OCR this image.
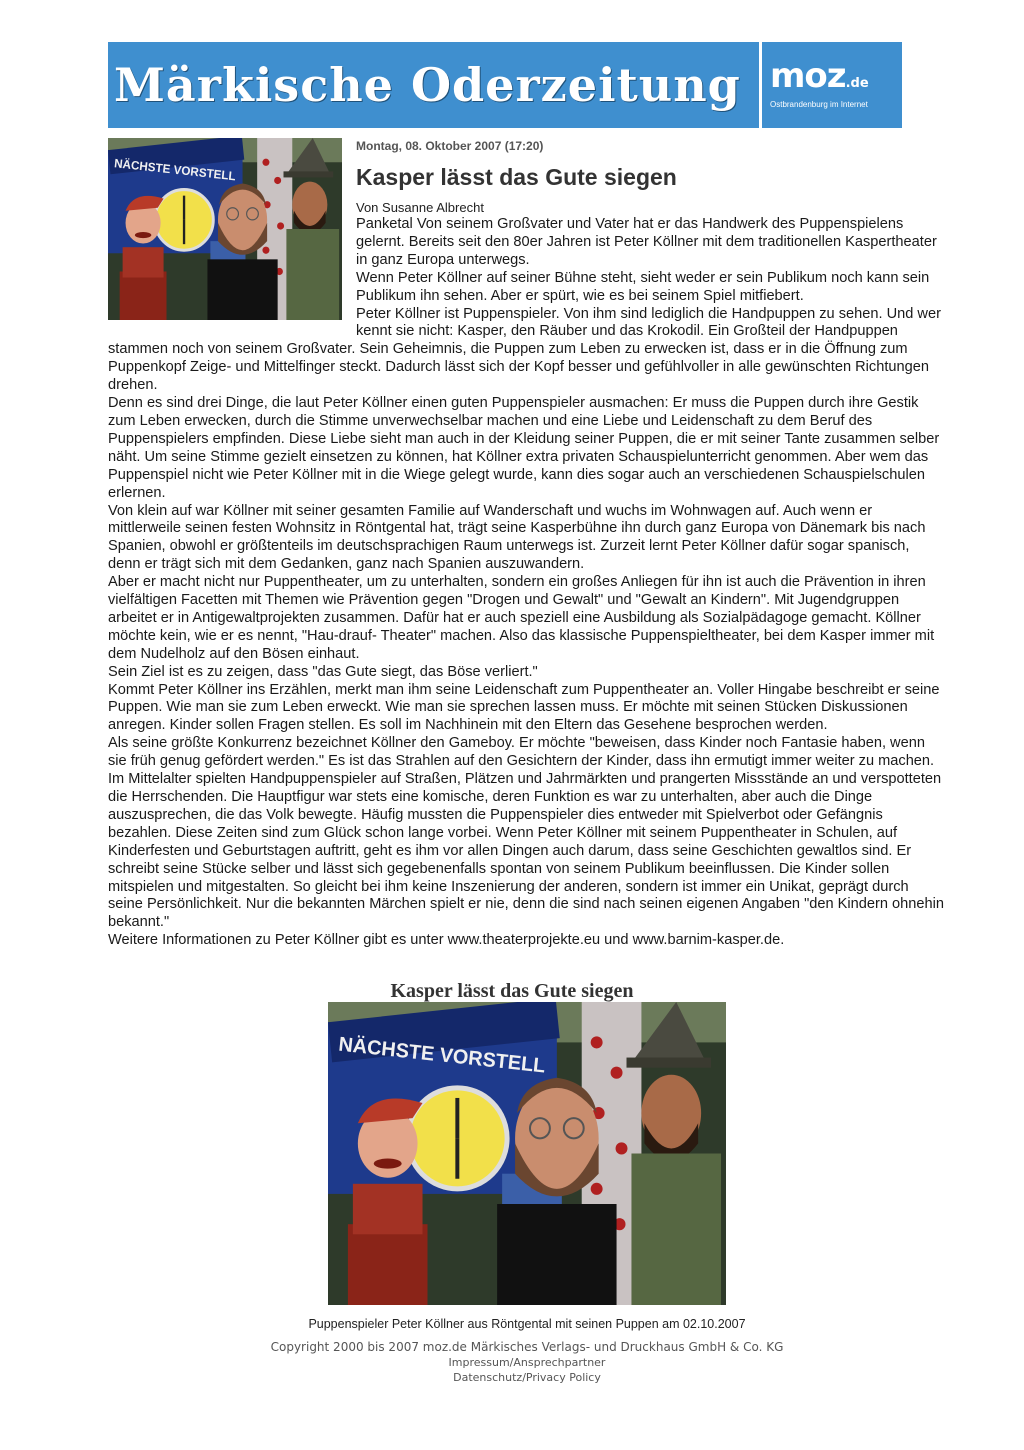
Märkische Oderzeitung moz.de
Ostbrandenburg im Internet
NÄCHSTE VORSTELL
Montag, 08. Oktober 2007 (17:20)
Kasper lässt das Gute siegen
Von Susanne Albrecht

Panketal Von seinem Großvater und Vater hat er das Handwerk des Puppenspielens gelernt. Bereits seit den 80er Jahren ist Peter Köllner mit dem traditionellen Kaspertheater in ganz Europa unterwegs.

Wenn Peter Köllner auf seiner Bühne steht, sieht weder er sein Publikum noch kann sein Publikum ihn sehen. Aber er spürt, wie es bei seinem Spiel mitfiebert.

Peter Köllner ist Puppenspieler. Von ihm sind lediglich die Handpuppen zu sehen. Und wer kennt sie nicht: Kasper, den Räuber und das Krokodil. Ein Großteil der Handpuppen stammen noch von seinem Großvater. Sein Geheimnis, die Puppen zum Leben zu erwecken ist, dass er in die Öffnung zum Puppenkopf Zeige- und Mittelfinger steckt. Dadurch lässt sich der Kopf besser und gefühlvoller in alle gewünschten Richtungen drehen.

Denn es sind drei Dinge, die laut Peter Köllner einen guten Puppenspieler ausmachen: Er muss die Puppen durch ihre Gestik zum Leben erwecken, durch die Stimme unverwechselbar machen und eine Liebe und Leidenschaft zu dem Beruf des Puppenspielers empfinden. Diese Liebe sieht man auch in der Kleidung seiner Puppen, die er mit seiner Tante zusammen selber näht. Um seine Stimme gezielt einsetzen zu können, hat Köllner extra privaten Schauspielunterricht genommen. Aber wem das Puppenspiel nicht wie Peter Köllner mit in die Wiege gelegt wurde, kann dies sogar auch an verschiedenen Schauspielschulen erlernen.

Von klein auf war Köllner mit seiner gesamten Familie auf Wanderschaft und wuchs im Wohnwagen auf. Auch wenn er mittlerweile seinen festen Wohnsitz in Röntgental hat, trägt seine Kasperbühne ihn durch ganz Europa von Dänemark bis nach Spanien, obwohl er größtenteils im deutschsprachigen Raum unterwegs ist. Zurzeit lernt Peter Köllner dafür sogar spanisch, denn er trägt sich mit dem Gedanken, ganz nach Spanien auszuwandern.

Aber er macht nicht nur Puppentheater, um zu unterhalten, sondern ein großes Anliegen für ihn ist auch die Prävention in ihren vielfältigen Facetten mit Themen wie Prävention gegen "Drogen und Gewalt" und "Gewalt an Kindern". Mit Jugendgruppen arbeitet er in Antigewaltprojekten zusammen. Dafür hat er auch speziell eine Ausbildung als Sozialpädagoge gemacht. Köllner möchte kein, wie er es nennt, "Hau-drauf- Theater" machen. Also das klassische Puppenspieltheater, bei dem Kasper immer mit dem Nudelholz auf den Bösen einhaut.

Sein Ziel ist es zu zeigen, dass "das Gute siegt, das Böse verliert."

Kommt Peter Köllner ins Erzählen, merkt man ihm seine Leidenschaft zum Puppentheater an. Voller Hingabe beschreibt er seine Puppen. Wie man sie zum Leben erweckt. Wie man sie sprechen lassen muss. Er möchte mit seinen Stücken Diskussionen anregen. Kinder sollen Fragen stellen. Es soll im Nachhinein mit den Eltern das Gesehene besprochen werden.

Als seine größte Konkurrenz bezeichnet Köllner den Gameboy. Er möchte "beweisen, dass Kinder noch Fantasie haben, wenn sie früh genug gefördert werden." Es ist das Strahlen auf den Gesichtern der Kinder, dass ihn ermutigt immer weiter zu machen.

Im Mittelalter spielten Handpuppenspieler auf Straßen, Plätzen und Jahrmärkten und prangerten Missstände an und verspotteten die Herrschenden. Die Hauptfigur war stets eine komische, deren Funktion es war zu unterhalten, aber auch die Dinge auszusprechen, die das Volk bewegte. Häufig mussten die Puppenspieler dies entweder mit Spielverbot oder Gefängnis bezahlen. Diese Zeiten sind zum Glück schon lange vorbei. Wenn Peter Köllner mit seinem Puppentheater in Schulen, auf Kinderfesten und Geburtstagen auftritt, geht es ihm vor allen Dingen auch darum, dass seine Geschichten gewaltlos sind. Er schreibt seine Stücke selber und lässt sich gegebenenfalls spontan von seinem Publikum beeinflussen. Die Kinder sollen mitspielen und mitgestalten. So gleicht bei ihm keine Inszenierung der anderen, sondern ist immer ein Unikat, geprägt durch seine Persönlichkeit. Nur die bekannten Märchen spielt er nie, denn die sind nach seinen eigenen Angaben "den Kindern ohnehin bekannt."

Weitere Informationen zu Peter Köllner gibt es unter www.theaterprojekte.eu und www.barnim-kasper.de.

Kasper lässt das Gute siegen
NÄCHSTE VORSTELL
Puppenspieler Peter Köllner aus Röntgental mit seinen Puppen am 02.10.2007
Copyright 2000 bis 2007 moz.de Märkisches Verlags- und Druckhaus GmbH & Co. KG
Impressum/Ansprechpartner
Datenschutz/Privacy Policy
